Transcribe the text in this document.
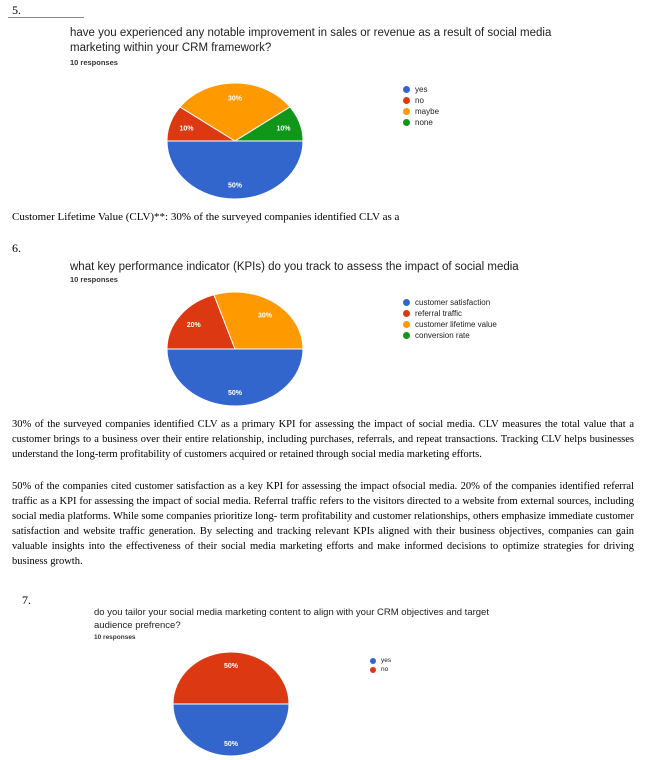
5.
have you experienced any notable improvement in sales or revenue as a result of social media marketing within your CRM framework?
10 responses
50%
10%
30%
10%
yes
no
maybe
none
Customer Lifetime Value (CLV)**: 30% of the surveyed companies identified CLV as a
6.
what key performance indicator (KPIs) do you track to assess the impact of social media
10 responses
50%
20%
30%
customer satisfaction
referral traffic
customer lifetime value
conversion rate
30% of the surveyed companies identified CLV as a primary KPI for assessing the impact of social media. CLV measures the total value that a customer brings to a business over their entire relationship, including purchases, referrals, and repeat transactions. Tracking CLV helps businesses understand the long-term profitability of customers acquired or retained through social media marketing efforts.
50% of the companies cited customer satisfaction as a key KPI for assessing the impact ofsocial media. 20% of the companies identified referral traffic as a KPI for assessing the impact of social media. Referral traffic refers to the visitors directed to a website from external sources, including social media platforms. While some companies prioritize long- term profitability and customer relationships, others emphasize immediate customer satisfaction and website traffic generation. By selecting and tracking relevant KPIs aligned with their business objectives, companies can gain valuable insights into the effectiveness of their social media marketing efforts and make informed decisions to optimize strategies for driving business growth.
7.
do you tailor your social media marketing content to align with your CRM objectives and target audience prefrence?
10 responses
50%
50%
yes
no
